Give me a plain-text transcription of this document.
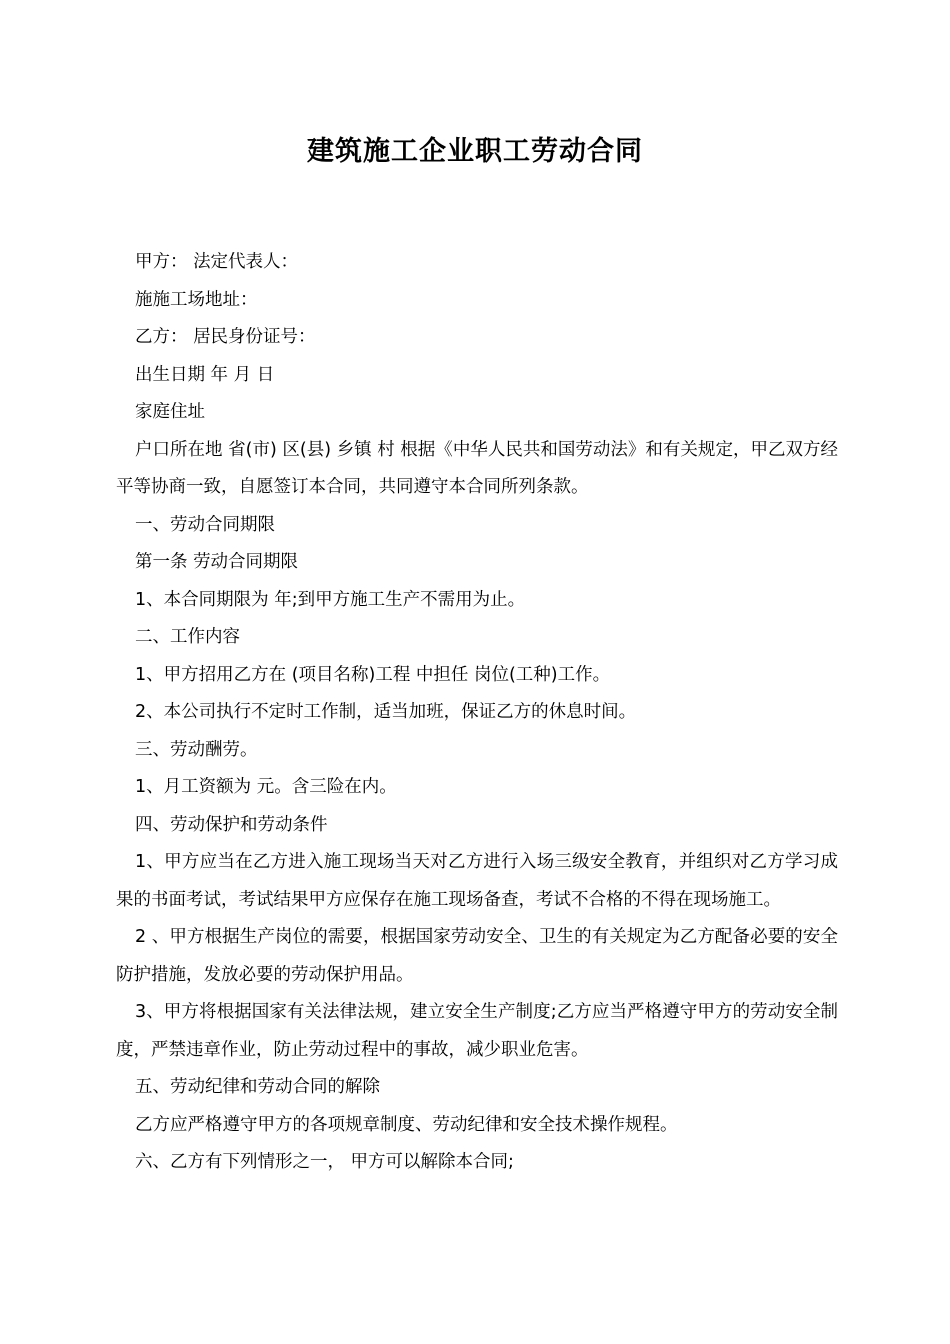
建筑施工企业职工劳动合同

甲方： 法定代表人：

施施工场地址：

乙方： 居民身份证号：

出生日期 年 月 日

家庭住址

户口所在地 省(市) 区(县) 乡镇 村 根据《中华人民共和国劳动法》和有关规定，甲乙双方经平等协商一致，自愿签订本合同，共同遵守本合同所列条款。

一、劳动合同期限

第一条 劳动合同期限

1、本合同期限为 年;到甲方施工生产不需用为止。

二、工作内容

1、甲方招用乙方在 (项目名称)工程 中担任 岗位(工种)工作。

2、本公司执行不定时工作制，适当加班，保证乙方的休息时间。

三、劳动酬劳。

1、月工资额为 元。含三险在内。

四、劳动保护和劳动条件

1、甲方应当在乙方进入施工现场当天对乙方进行入场三级安全教育，并组织对乙方学习成果的书面考试，考试结果甲方应保存在施工现场备查，考试不合格的不得在现场施工。

2 、甲方根据生产岗位的需要，根据国家劳动安全、卫生的有关规定为乙方配备必要的安全防护措施，发放必要的劳动保护用品。

3、甲方将根据国家有关法律法规，建立安全生产制度;乙方应当严格遵守甲方的劳动安全制度，严禁违章作业，防止劳动过程中的事故，减少职业危害。

五、劳动纪律和劳动合同的解除

乙方应严格遵守甲方的各项规章制度、劳动纪律和安全技术操作规程。

六、乙方有下列情形之一， 甲方可以解除本合同;
